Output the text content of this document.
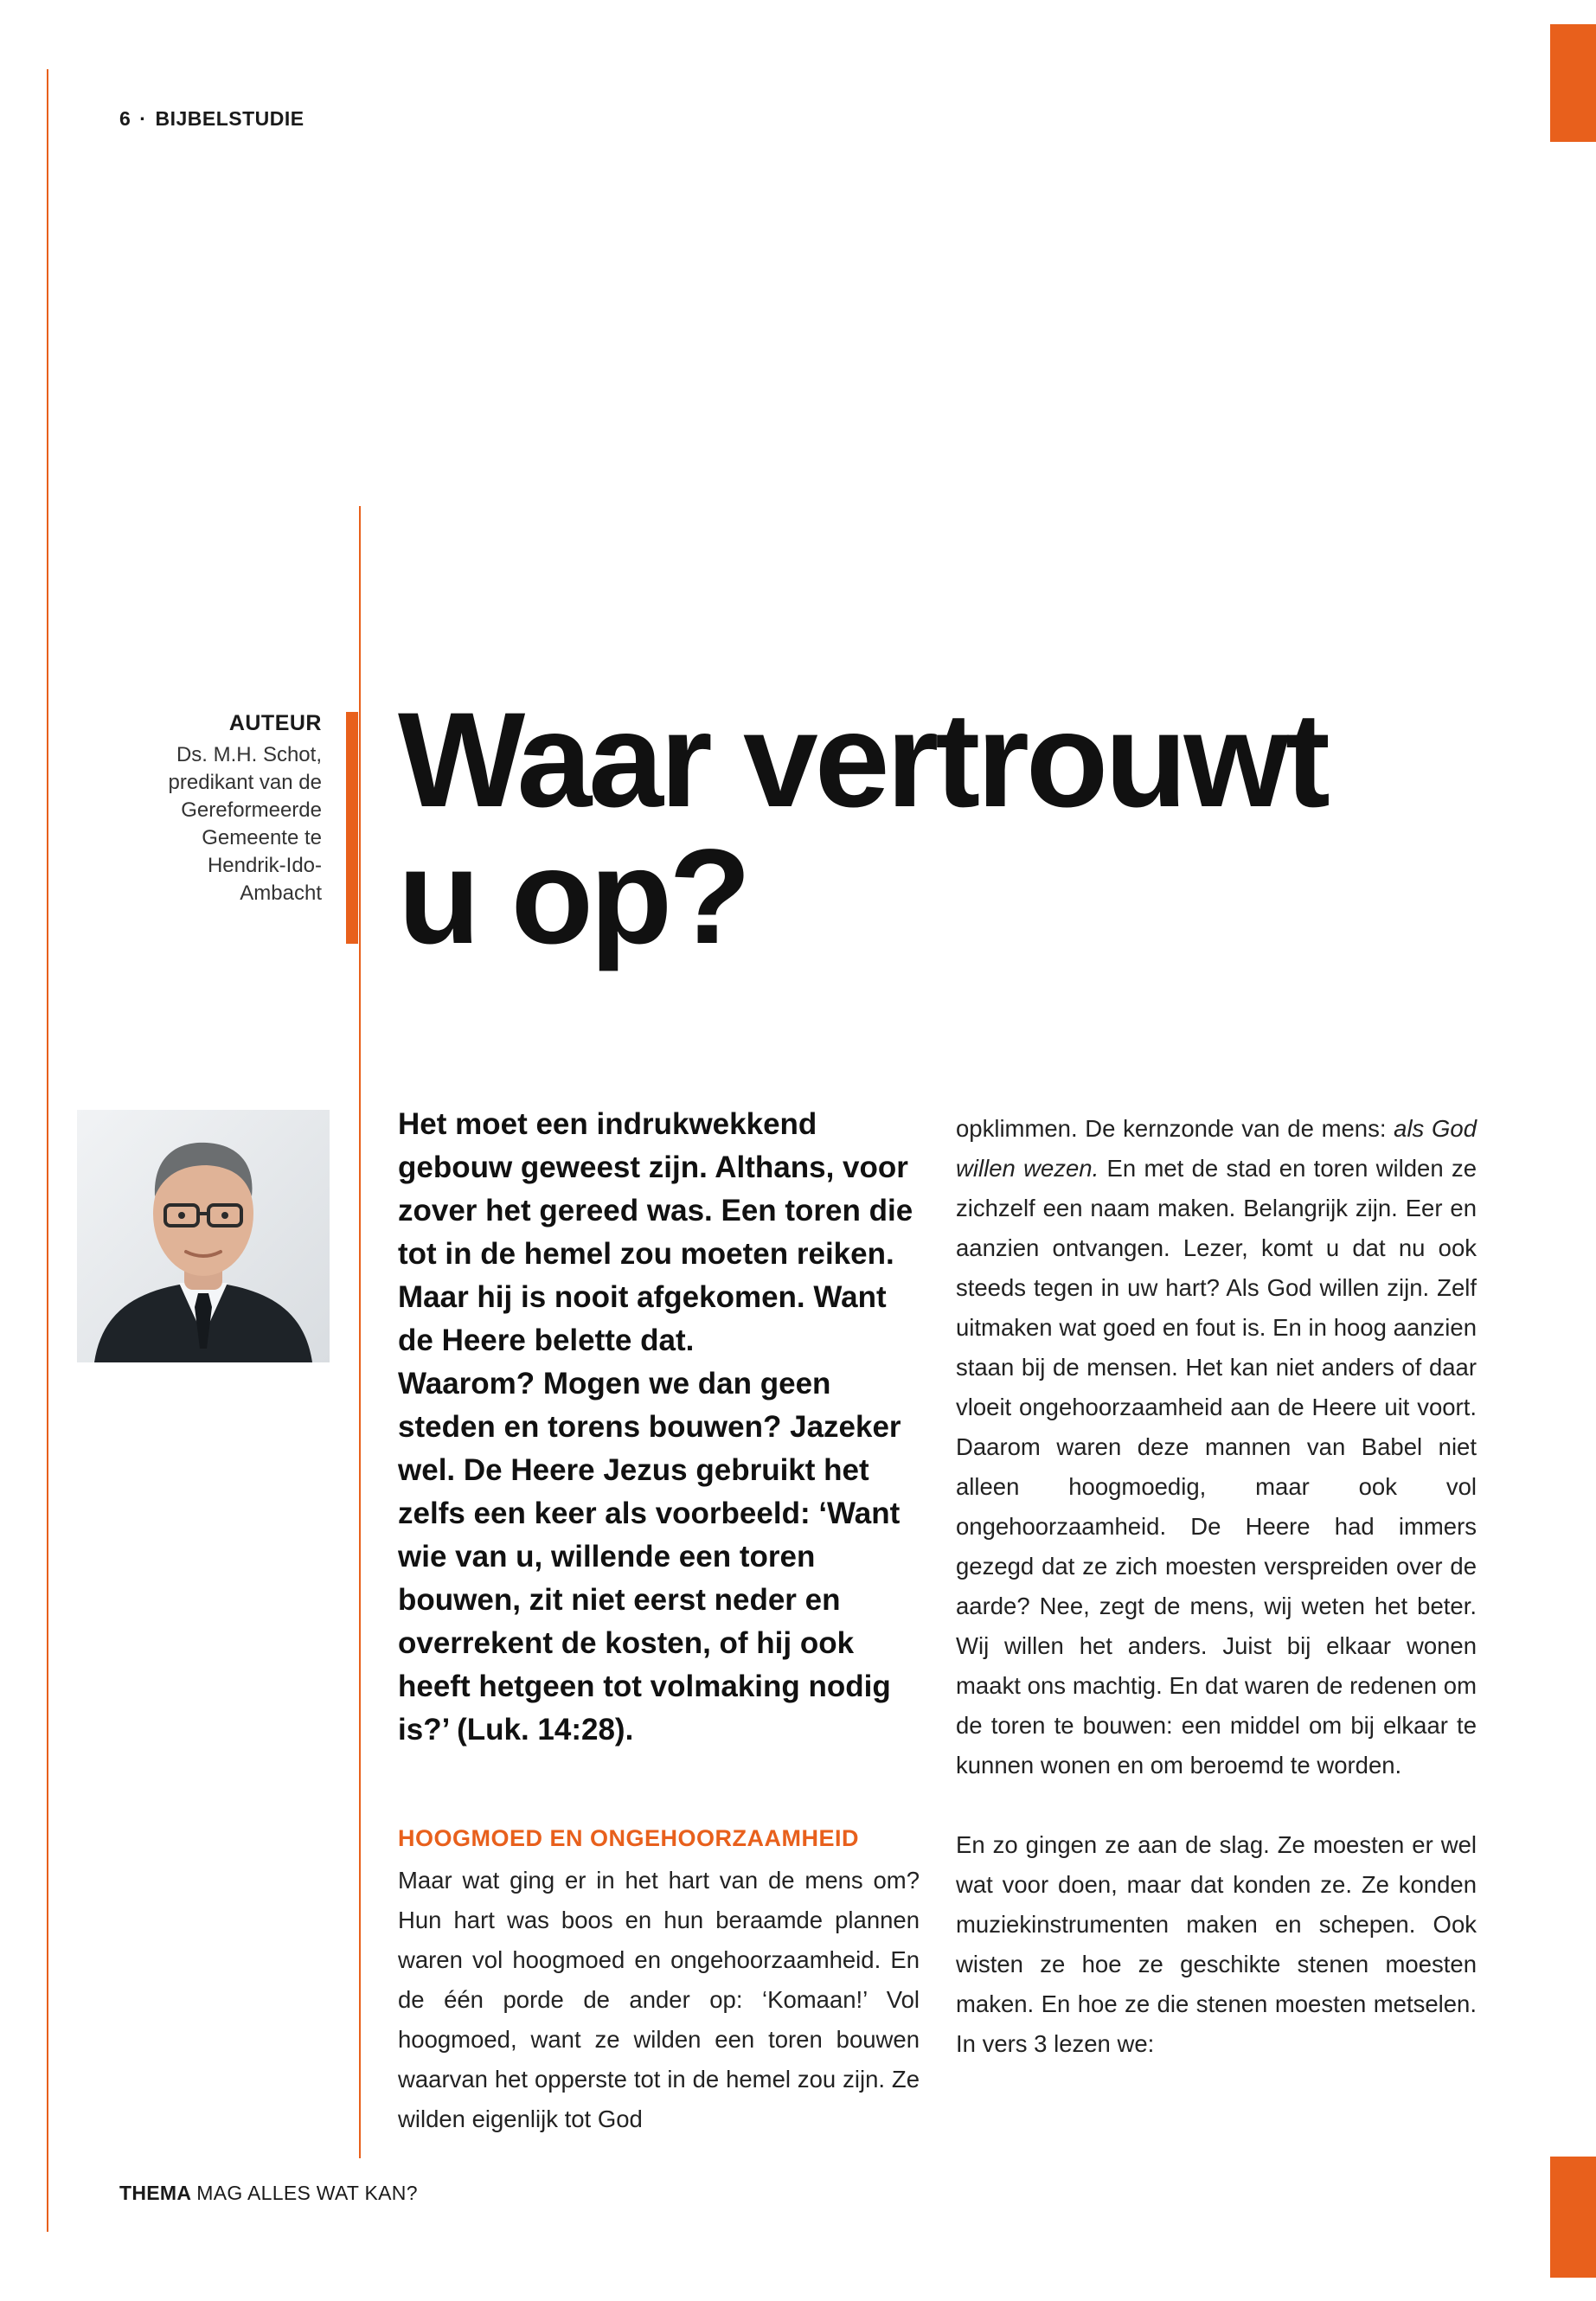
6 · BIJBELSTUDIE
AUTEUR
Ds. M.H. Schot,
predikant van de
Gereformeerde
Gemeente te
Hendrik-Ido-
Ambacht
Waar vertrouwt
u op?

Het moet een indrukwekkend gebouw geweest zijn. Althans, voor zover het gereed was. Een toren die tot in de hemel zou moeten reiken. Maar hij is nooit afgekomen. Want de Heere belette dat.

Waarom? Mogen we dan geen steden en torens bouwen? Jazeker wel. De Heere Jezus gebruikt het zelfs een keer als voorbeeld: ‘Want wie van u, willende een toren bouwen, zit niet eerst neder en overrekent de kosten, of hij ook heeft hetgeen tot volmaking nodig is?’ (Luk. 14:28).

HOOGMOED EN ONGEHOORZAAMHEID

Maar wat ging er in het hart van de mens om? Hun hart was boos en hun beraamde plannen waren vol hoogmoed en ongehoorzaamheid. En de één porde de ander op: ‘Komaan!’ Vol hoogmoed, want ze wilden een toren bouwen waarvan het opperste tot in de hemel zou zijn. Ze wilden eigenlijk tot God

opklimmen. De kernzonde van de mens: als God willen wezen. En met de stad en toren wilden ze zichzelf een naam maken. Belangrijk zijn. Eer en aanzien ontvangen. Lezer, komt u dat nu ook steeds tegen in uw hart? Als God willen zijn. Zelf uitmaken wat goed en fout is. En in hoog aanzien staan bij de mensen. Het kan niet anders of daar vloeit ongehoorzaamheid aan de Heere uit voort. Daarom waren deze mannen van Babel niet alleen hoogmoedig, maar ook vol ongehoorzaamheid. De Heere had immers gezegd dat ze zich moesten verspreiden over de aarde? Nee, zegt de mens, wij weten het beter. Wij willen het anders. Juist bij elkaar wonen maakt ons machtig. En dat waren de redenen om de toren te bouwen: een middel om bij elkaar te kunnen wonen en om beroemd te worden.

En zo gingen ze aan de slag. Ze moesten er wel wat voor doen, maar dat konden ze. Ze konden muziekinstrumenten maken en schepen. Ook wisten ze hoe ze geschikte stenen moesten maken. En hoe ze die stenen moesten metselen. In vers 3 lezen we:

THEMA MAG ALLES WAT KAN?
